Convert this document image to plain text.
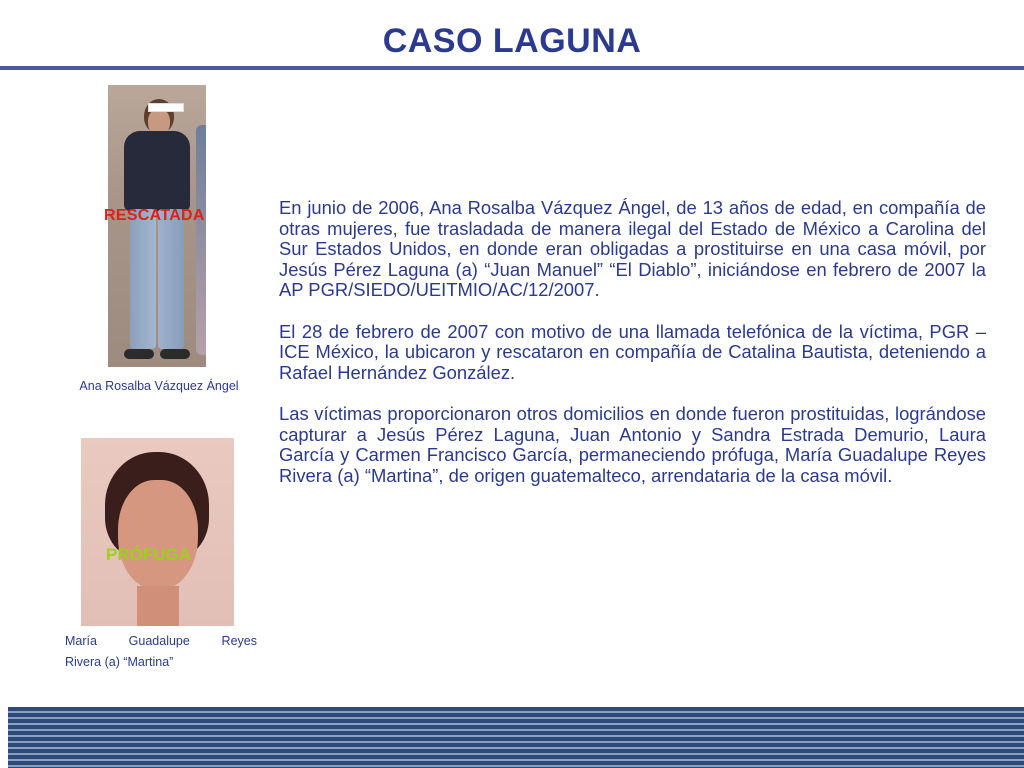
CASO LAGUNA
RESCATADA
Ana Rosalba Vázquez Ángel
PRÓFUGA
María Guadalupe Reyes
Rivera (a) “Martina”

En junio de 2006, Ana Rosalba Vázquez Ángel, de 13 años de edad, en compañía de otras mujeres, fue trasladada de manera ilegal del Estado de México a Carolina del Sur Estados Unidos, en donde eran obligadas a prostituirse en una casa móvil, por Jesús Pérez Laguna (a) “Juan Manuel” “El Diablo”, iniciándose en febrero de 2007 la AP PGR/SIEDO/UEITMIO/AC/12/2007.

El 28 de febrero de 2007 con motivo de una llamada telefónica de la víctima, PGR – ICE México, la ubicaron y rescataron en compañía de Catalina Bautista, deteniendo a Rafael Hernández González.

Las víctimas proporcionaron otros domicilios en donde fueron prostituidas, lográndose capturar a Jesús Pérez Laguna, Juan Antonio y Sandra Estrada Demurio, Laura García y Carmen Francisco García, permaneciendo prófuga, María Guadalupe Reyes Rivera (a) “Martina”, de origen guatemalteco, arrendataria de la casa móvil.
